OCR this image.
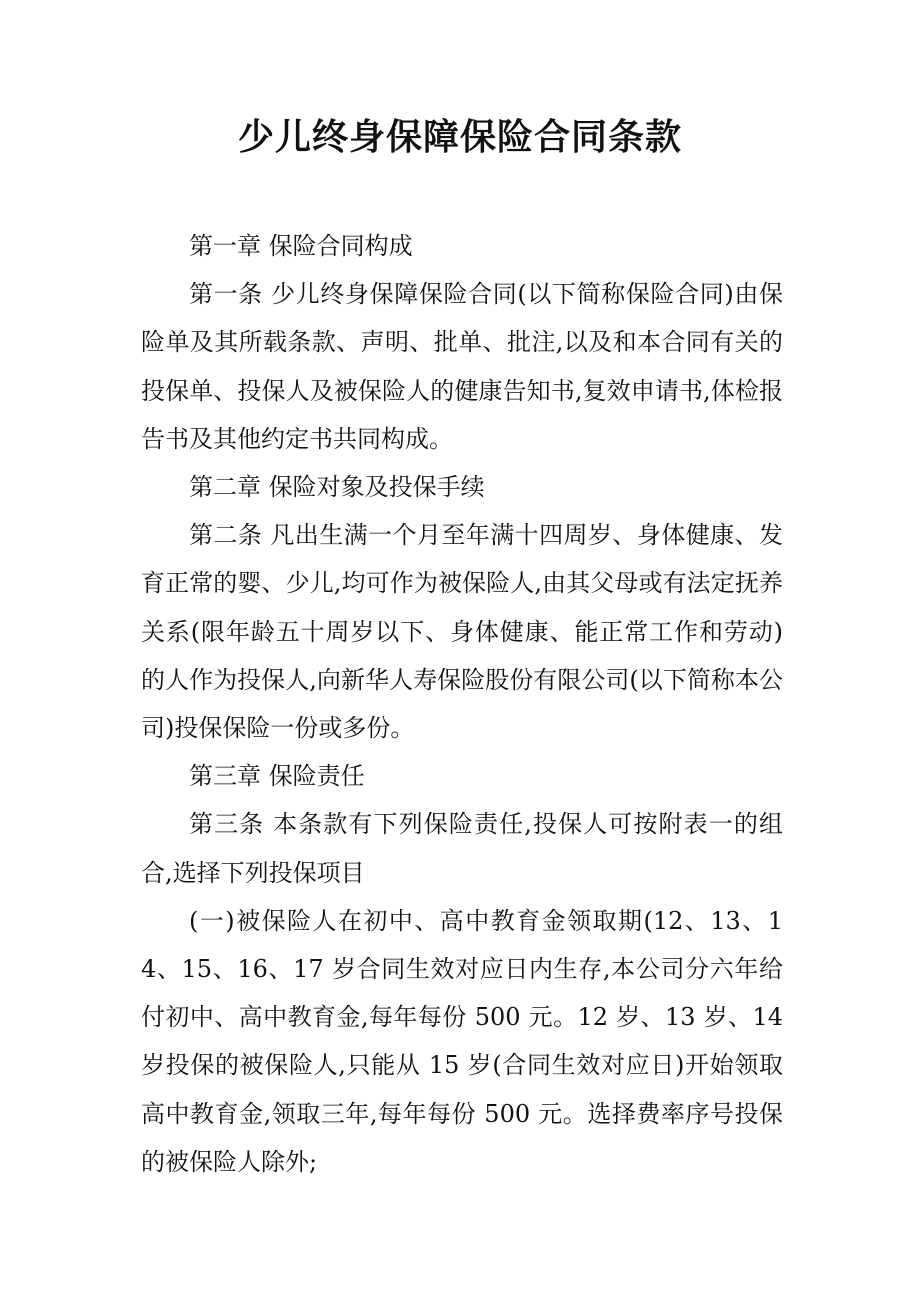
少儿终身保障保险合同条款

第一章 保险合同构成

第一条 少儿终身保障保险合同(以下简称保险合同)由保险单及其所载条款、声明、批单、批注,以及和本合同有关的投保单、投保人及被保险人的健康告知书,复效申请书,体检报告书及其他约定书共同构成。

第二章 保险对象及投保手续

第二条 凡出生满一个月至年满十四周岁、身体健康、发育正常的婴、少儿,均可作为被保险人,由其父母或有法定抚养关系(限年龄五十周岁以下、身体健康、能正常工作和劳动)的人作为投保人,向新华人寿保险股份有限公司(以下简称本公司)投保保险一份或多份。

第三章 保险责任

第三条 本条款有下列保险责任,投保人可按附表一的组合,选择下列投保项目

(一)被保险人在初中、高中教育金领取期(12、13、14、15、16、17 岁合同生效对应日内生存,本公司分六年给付初中、高中教育金,每年每份 500 元。12 岁、13 岁、14 岁投保的被保险人,只能从 15 岁(合同生效对应日)开始领取高中教育金,领取三年,每年每份 500 元。选择费率序号投保的被保险人除外;
